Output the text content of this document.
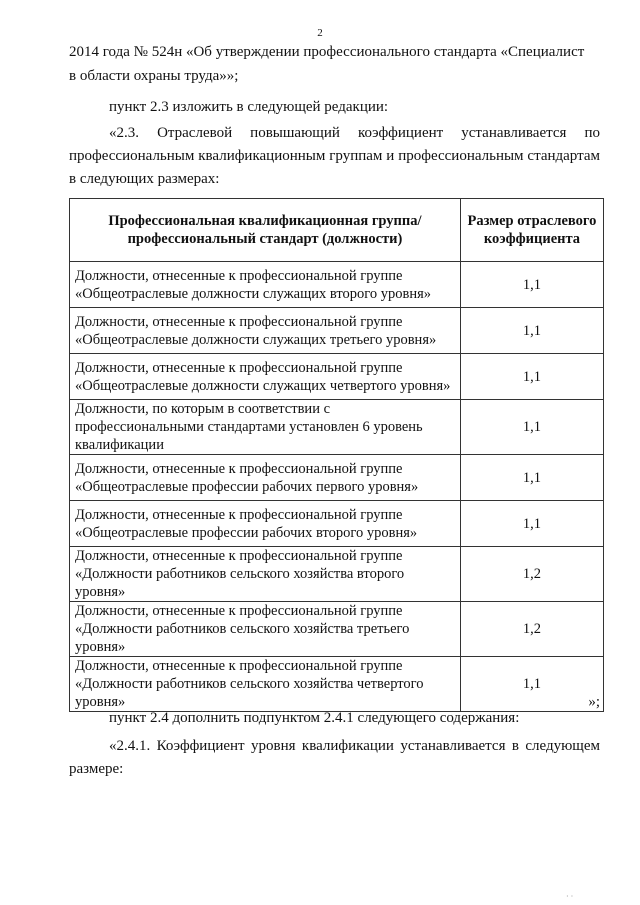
2

2014 года № 524н «Об утверждении профессионального стандарта «Специалист

в области охраны труда»»;

пункт 2.3 изложить в следующей редакции:

«2.3. Отраслевой повышающий коэффициент устанавливается по профессиональным квалификационным группам и профессиональным стандартам в следующих размерах:

Профессиональная квалификационная группа/ профессиональный стандарт (должности)	Размер отраслевого коэффициента
Должности, отнесенные к профессиональной группе «Общеотраслевые должности служащих второго уровня»	1,1
Должности, отнесенные к профессиональной группе «Общеотраслевые должности служащих третьего уровня»	1,1
Должности, отнесенные к профессиональной группе «Общеотраслевые должности служащих четвертого уровня»	1,1
Должности, по которым в соответствии с профессиональными стандартами установлен 6 уровень квалификации	1,1
Должности, отнесенные к профессиональной группе «Общеотраслевые профессии рабочих первого уровня»	1,1
Должности, отнесенные к профессиональной группе «Общеотраслевые профессии рабочих второго уровня»	1,1
Должности, отнесенные к профессиональной группе «Должности работников сельского хозяйства второго уровня»	1,2
Должности, отнесенные к профессиональной группе «Должности работников сельского хозяйства третьего уровня»	1,2
Должности, отнесенные к профессиональной группе «Должности работников сельского хозяйства четвертого уровня»	1,1
»;

пункт 2.4 дополнить подпунктом 2.4.1 следующего содержания:

«2.4.1. Коэффициент уровня квалификации устанавливается в следующем размере:

· ·
